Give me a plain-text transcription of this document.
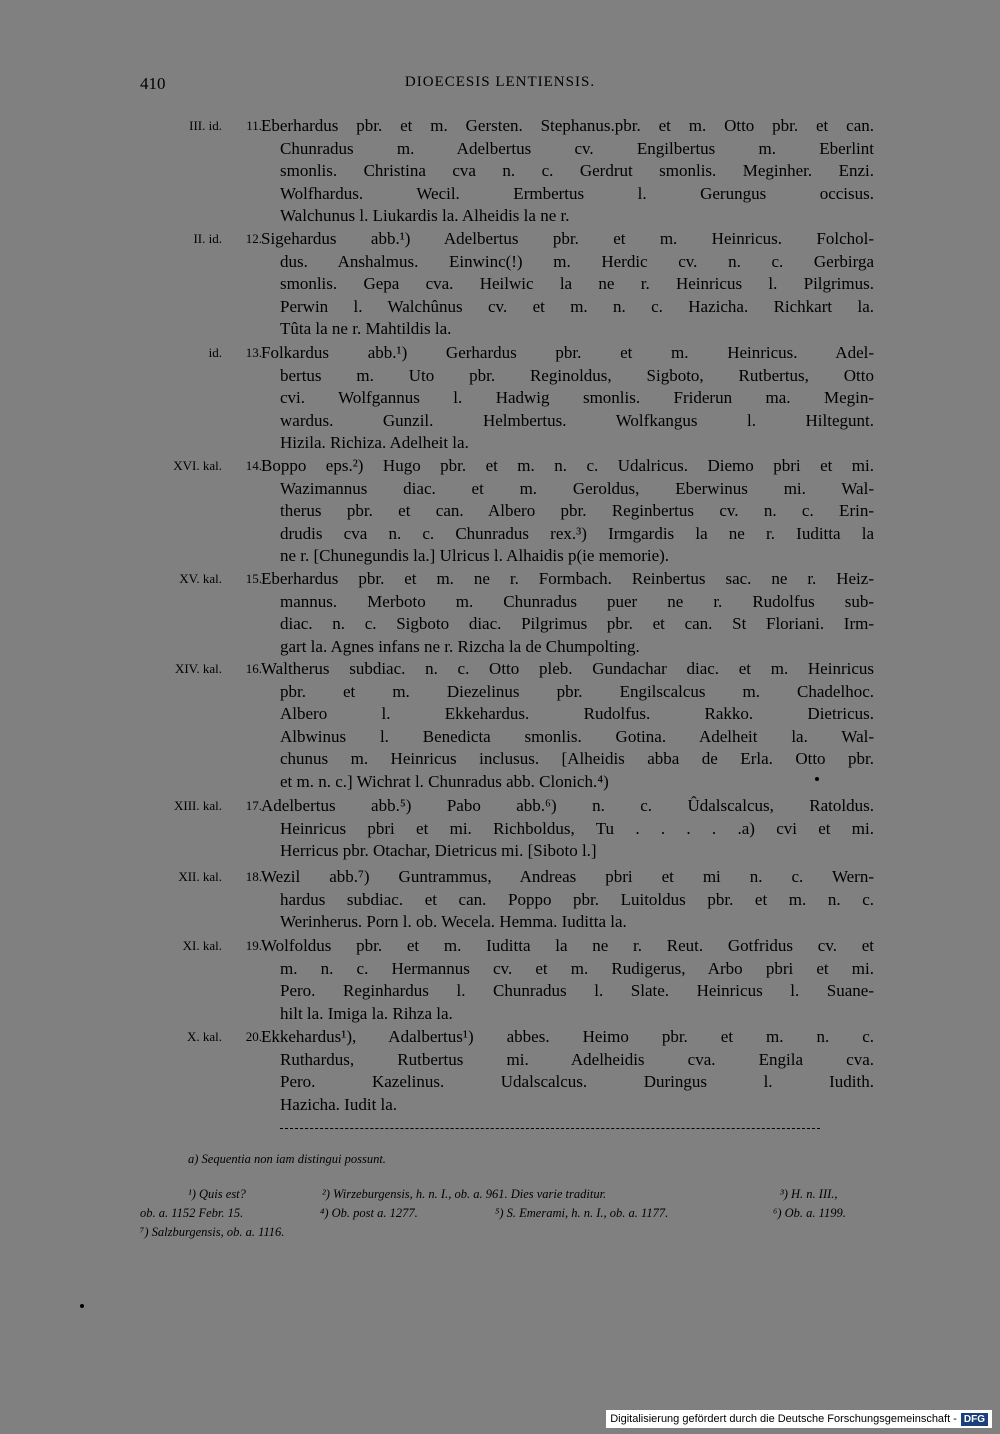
410	DIOECESIS LENTIENSIS.
III. id.	11. Eberhardus pbr. et m. Gersten. Stephanus.pbr. et m. Otto pbr. et can.
Chunradus m. Adelbertus cv. Engilbertus m. Eberlint
smonlis. Christina cva n. c. Gerdrut smonlis. Meginher. Enzi.
Wolfhardus. Wecil. Ermbertus l. Gerungus occisus.
Walchunus l. Liukardis la. Alheidis la ne r.
II. id.	12. Sigehardus abb.¹) Adelbertus pbr. et m. Heinricus. Folchol-
dus. Anshalmus. Einwinc(!) m. Herdic cv. n. c. Gerbirga
smonlis. Gepa cva. Heilwic la ne r. Heinricus l. Pilgrimus.
Perwin l. Walchûnus cv. et m. n. c. Hazicha. Richkart la.
Tûta la ne r. Mahtildis la.
id.	13. Folkardus abb.¹) Gerhardus pbr. et m. Heinricus. Adel-
bertus m. Uto pbr. Reginoldus, Sigboto, Rutbertus, Otto
cvi. Wolfgannus l. Hadwig smonlis. Friderun ma. Megin-
wardus. Gunzil. Helmbertus. Wolfkangus l. Hiltegunt.
Hizila. Richiza. Adelheit la.
XVI. kal.	14. Boppo eps.²) Hugo pbr. et m. n. c. Udalricus. Diemo pbri et mi.
Wazimannus diac. et m. Geroldus, Eberwinus mi. Wal-
therus pbr. et can. Albero pbr. Reginbertus cv. n. c. Erin-
drudis cva n. c. Chunradus rex.³) Irmgardis la ne r. Iuditta la
ne r. [Chunegundis la.] Ulricus l. Alhaidis p(ie memorie).
XV. kal.	15. Eberhardus pbr. et m. ne r. Formbach. Reinbertus sac. ne r. Heiz-
mannus. Merboto m. Chunradus puer ne r. Rudolfus sub-
diac. n. c. Sigboto diac. Pilgrimus pbr. et can. St Floriani. Irm-
gart la. Agnes infans ne r. Rizcha la de Chumpolting.
XIV. kal.	16. Waltherus subdiac. n. c. Otto pleb. Gundachar diac. et m. Heinricus
pbr. et m. Diezelinus pbr. Engilscalcus m. Chadelhoc.
Albero l. Ekkehardus. Rudolfus. Rakko. Dietricus.
Albwinus l. Benedicta smonlis. Gotina. Adelheit la. Wal-
chunus m. Heinricus inclusus. [Alheidis abba de Erla. Otto pbr.
et m. n. c.] Wichrat l. Chunradus abb. Clonich.⁴)
XIII. kal.	17. Adelbertus abb.⁵) Pabo abb.⁶) n. c. Ûdalscalcus, Ratoldus.
Heinricus pbri et mi. Richboldus, Tu . . . . .a) cvi et mi.
Herricus pbr. Otachar, Dietricus mi. [Siboto l.]
XII. kal.	18. Wezil abb.⁷) Guntrammus, Andreas pbri et mi n. c. Wern-
hardus subdiac. et can. Poppo pbr. Luitoldus pbr. et m. n. c.
Werinherus. Porn l. ob. Wecela. Hemma. Iuditta la.
XI. kal.	19. Wolfoldus pbr. et m. Iuditta la ne r. Reut. Gotfridus cv. et
m. n. c. Hermannus cv. et m. Rudigerus, Arbo pbri et mi.
Pero. Reginhardus l. Chunradus l. Slate. Heinricus l. Suane-
hilt la. Imiga la. Rihza la.
X. kal.	20. Ekkehardus¹), Adalbertus¹) abbes. Heimo pbr. et m. n. c.
Ruthardus, Rutbertus mi. Adelheidis cva. Engila cva.
Pero. Kazelinus. Udalscalcus. Duringus l. Iudith.
Hazicha. Iudit la.
a) Sequentia non iam distingui possunt.
¹) Quis est?	²) Wirzeburgensis, h. n. I., ob. a. 961. Dies varie traditur.	³) H. n. III.,
ob. a. 1152 Febr. 15.	⁴) Ob. post a. 1277.	⁵) S. Emerami, h. n. I., ob. a. 1177.	⁶) Ob. a. 1199.
⁷) Salzburgensis, ob. a. 1116.
Digitalisierung gefördert durch die Deutsche Forschungsgemeinschaft - DFG
